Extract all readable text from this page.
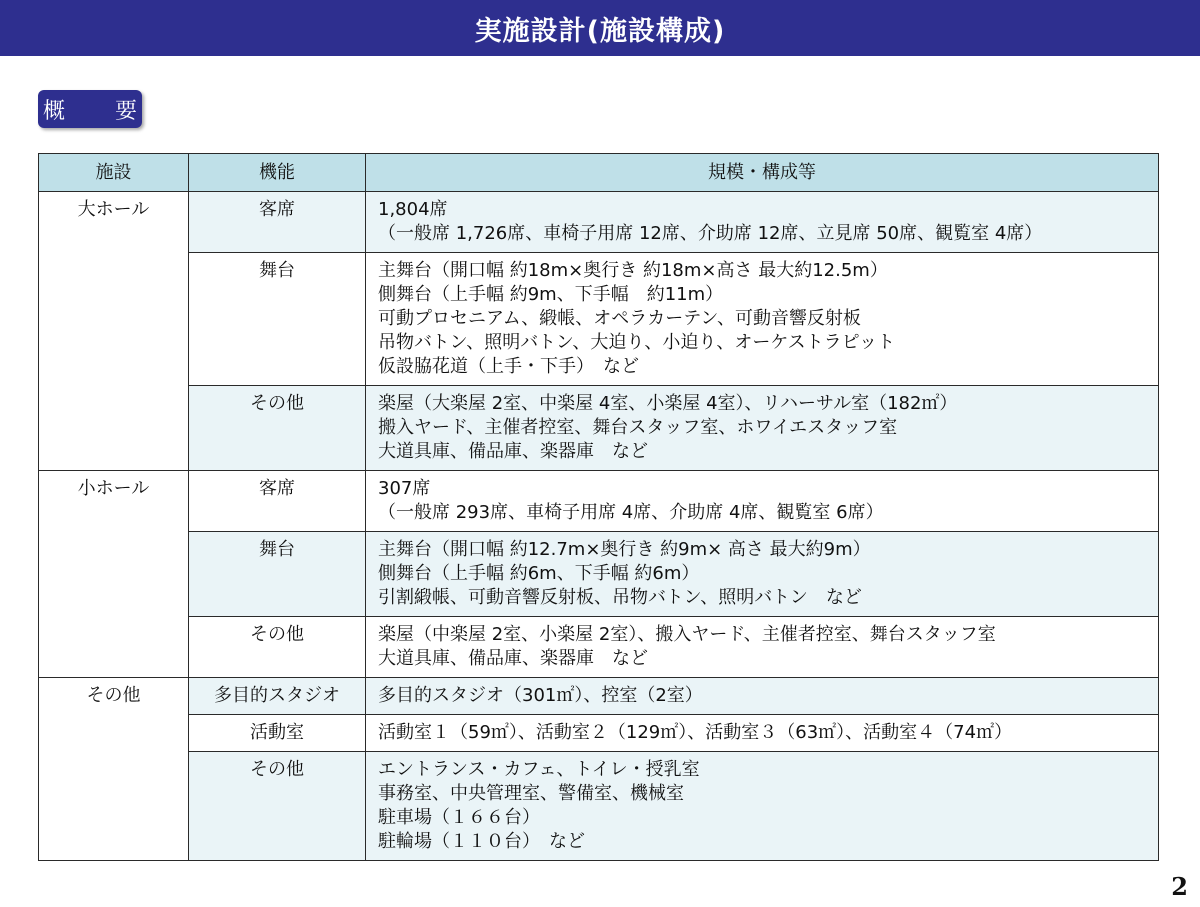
実施設計(施設構成)
概　要
施設	機能	規模・構成等
大ホール	客席	1,804席
（一般席 1,726席、車椅子用席 12席、介助席 12席、立見席 50席、観覧室 4席）

	舞台	主舞台（開口幅 約18m×奥行き 約18m×高さ 最大約12.5m）
側舞台（上手幅 約9m、下手幅　約11m）
可動プロセニアム、緞帳、オペラカーテン、可動音響反射板
吊物バトン、照明バトン、大迫り、小迫り、オーケストラピット
仮設脇花道（上手・下手）　など

	その他	楽屋（大楽屋 2室、中楽屋 4室、小楽屋 4室）、リハーサル室（182㎡）
搬入ヤード、主催者控室、舞台スタッフ室、ホワイエスタッフ室
大道具庫、備品庫、楽器庫　など

小ホール	客席	307席
（一般席 293席、車椅子用席 4席、介助席 4席、観覧室 6席）

	舞台	主舞台（開口幅 約12.7m×奥行き 約9m× 高さ 最大約9m）
側舞台（上手幅 約6m、下手幅 約6m）
引割緞帳、可動音響反射板、吊物バトン、照明バトン　など

	その他	楽屋（中楽屋 2室、小楽屋 2室）、搬入ヤード、主催者控室、舞台スタッフ室
大道具庫、備品庫、楽器庫　など

その他	多目的スタジオ	多目的スタジオ（301㎡）、控室（2室）

	活動室	活動室１（59㎡）、活動室２（129㎡）、活動室３（63㎡）、活動室４（74㎡）

	その他	エントランス・カフェ、トイレ・授乳室
事務室、中央管理室、警備室、機械室
駐車場（１６６台）
駐輪場（１１０台）　など
2
